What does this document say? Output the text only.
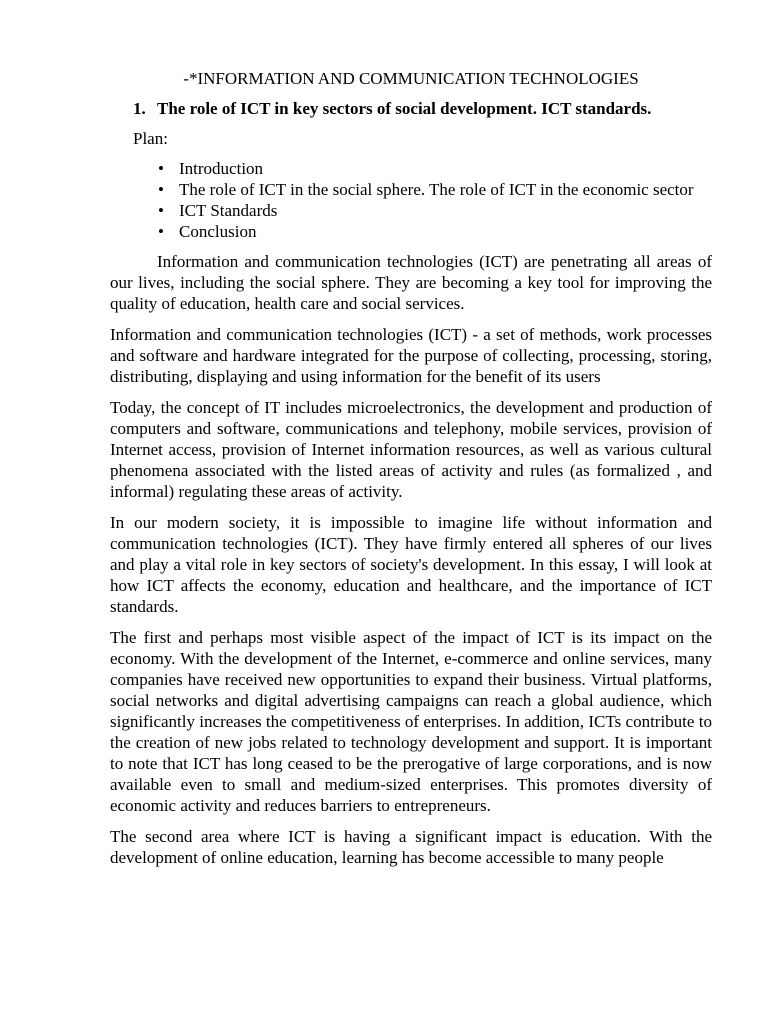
-*INFORMATION AND COMMUNICATION TECHNOLOGIES
1. The role of ICT in key sectors of social development. ICT standards.
Plan:
• Introduction
• The role of ICT in the social sphere. The role of ICT in the economic sector
• ICT Standards
• Conclusion

Information and communication technologies (ICT) are penetrating all areas of our lives, including the social sphere. They are becoming a key tool for improving the quality of education, health care and social services.

Information and communication technologies (ICT) - a set of methods, work processes and software and hardware integrated for the purpose of collecting, processing, storing, distributing, displaying and using information for the benefit of its users

Today, the concept of IT includes microelectronics, the development and production of computers and software, communications and telephony, mobile services, provision of Internet access, provision of Internet information resources, as well as various cultural phenomena associated with the listed areas of activity and rules (as formalized , and informal) regulating these areas of activity.

In our modern society, it is impossible to imagine life without information and communication technologies (ICT). They have firmly entered all spheres of our lives and play a vital role in key sectors of society's development. In this essay, I will look at how ICT affects the economy, education and healthcare, and the importance of ICT standards.

The first and perhaps most visible aspect of the impact of ICT is its impact on the economy. With the development of the Internet, e-commerce and online services, many companies have received new opportunities to expand their business. Virtual platforms, social networks and digital advertising campaigns can reach a global audience, which significantly increases the competitiveness of enterprises. In addition, ICTs contribute to the creation of new jobs related to technology development and support. It is important to note that ICT has long ceased to be the prerogative of large corporations, and is now available even to small and medium-sized enterprises. This promotes diversity of economic activity and reduces barriers to entrepreneurs.

The second area where ICT is having a significant impact is education. With the development of online education, learning has become accessible to many people
